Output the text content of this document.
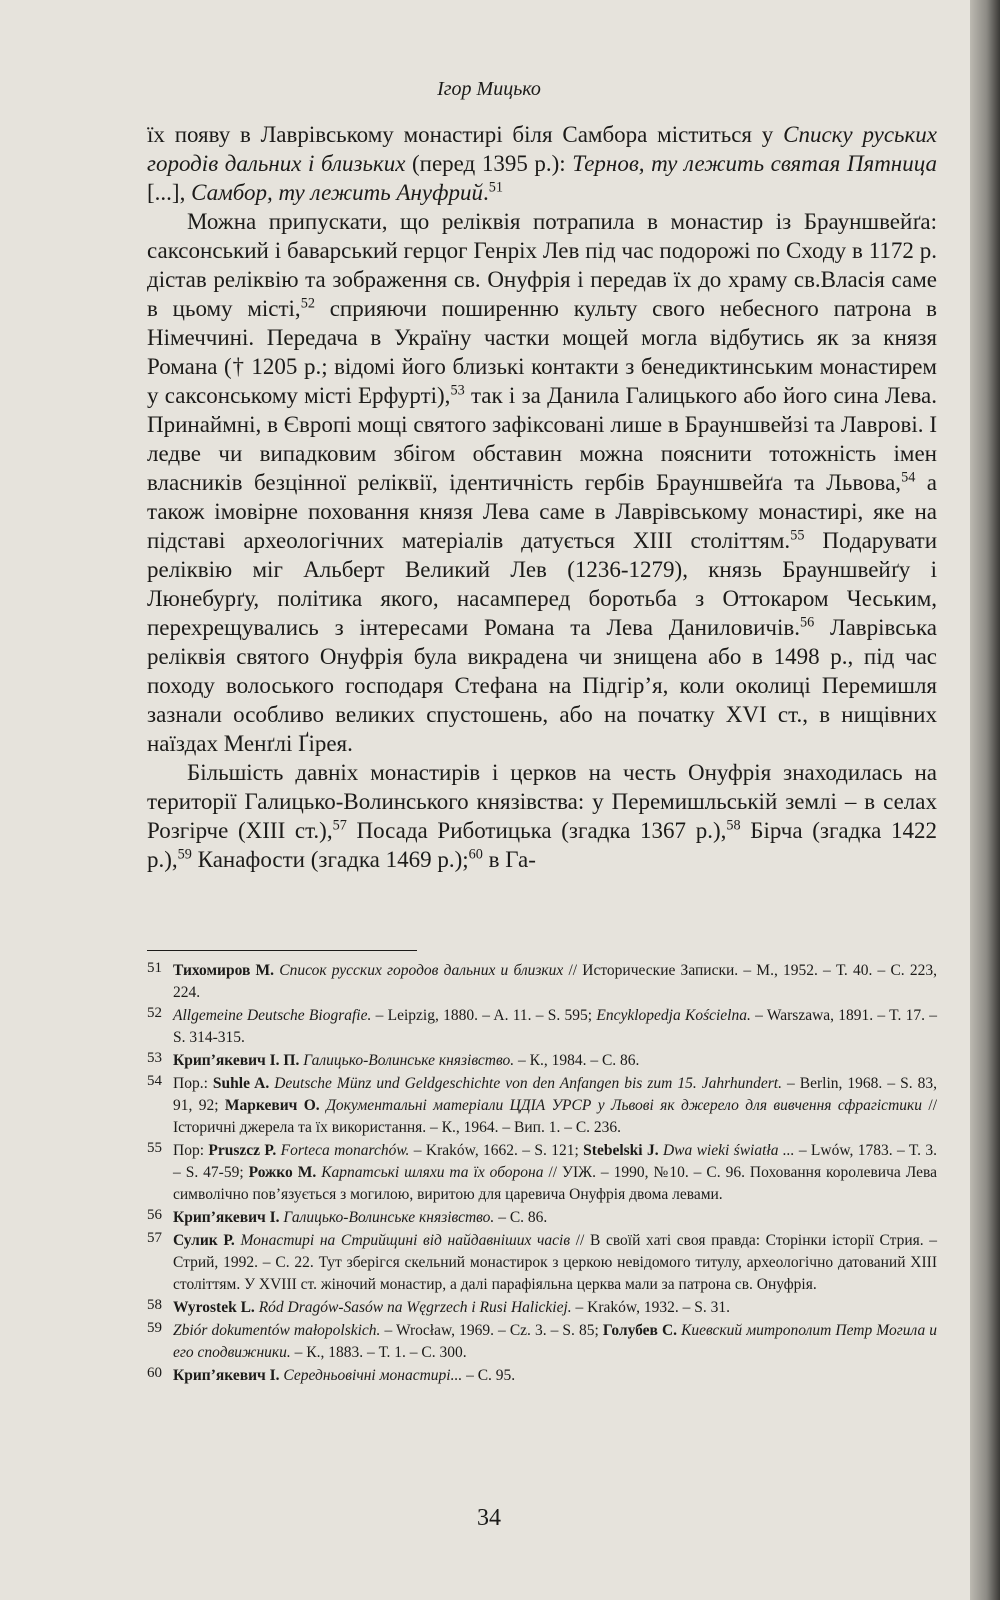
Ігор Мицько

їх появу в Лаврівському монастирі біля Самбора міститься у Списку руських городів дальних і близьких (перед 1395 р.): Тернов, ту лежить святая Пятница [...], Самбор, ту лежить Ануфрий.$^{51}$

Можна припускати, що реліквія потрапила в монастир із Брауншвейґа: саксонський і баварський герцог Генріх Лев під час подорожі по Сходу в 1172 р. дістав реліквію та зображення св. Онуфрія і передав їх до храму св.Власія саме в цьому місті,$^{52}$ сприяючи поширенню культу свого небесного патрона в Німеччині. Передача в Україну частки мощей могла відбутись як за князя Романа († 1205 р.; відомі його близькі контакти з бенедиктинським монастирем у саксонському місті Ерфурті),$^{53}$ так і за Данила Галицького або його сина Лева. Принаймні, в Європі мощі святого зафіксовані лише в Брауншвейзі та Лаврові. І ледве чи випадковим збігом обставин можна пояснити тотожність імен власників безцінної реліквії, ідентичність гербів Брауншвейґа та Львова,$^{54}$ а також імовірне поховання князя Лева саме в Лаврівському монастирі, яке на підставі археологічних матеріалів датується XIII століттям.$^{55}$ Подарувати реліквію міг Альберт Великий Лев (1236-1279), князь Брауншвейґу і Люнебурґу, політика якого, насамперед боротьба з Оттокаром Чеським, перехрещувались з інтересами Романа та Лева Даниловичів.$^{56}$ Лаврівська реліквія святого Онуфрія була викрадена чи знищена або в 1498 р., під час походу волоського господаря Стефана на Підгір’я, коли околиці Перемишля зазнали особливо великих спустошень, або на початку XVI ст., в нищівних наїздах Менґлі Ґірея.

Більшість давніх монастирів і церков на честь Онуфрія знаходилась на території Галицько-Волинського князівства: у Перемишльській землі – в селах Розгірче (XIII ст.),$^{57}$ Посада Риботицька (згадка 1367 р.),$^{58}$ Бірча (згадка 1422 р.),$^{59}$ Канафости (згадка 1469 р.);$^{60}$ в Га-

51 Тихомиров М. Список русских городов дальних и близких // Исторические Записки. – М., 1952. – Т. 40. – С. 223, 224.
52 Allgemeine Deutsche Biografie. – Leipzig, 1880. – A. 11. – S. 595; Encyklopedja Kościelna. – Warszawa, 1891. – T. 17. – S. 314-315.
53 Крип’якевич І. П. Галицько-Волинське князівство. – К., 1984. – С. 86.
54 Пор.: Suhle A. Deutsche Münz und Geldgeschichte von den Anfangen bis zum 15. Jahrhundert. – Berlin, 1968. – S. 83, 91, 92; Маркевич О. Документальні матеріали ЦДІА УРСР у Львові як джерело для вивчення сфрагістики // Історичні джерела та їх використання. – К., 1964. – Вип. 1. – С. 236.
55 Пор: Pruszcz P. Forteca monarchów. – Kraków, 1662. – S. 121; Stebelski J. Dwa wieki światła ... – Lwów, 1783. – T. 3. – S. 47-59; Рожко М. Карпатські шляхи та їх оборона // УІЖ. – 1990, №10. – С. 96. Поховання королевича Лева символічно пов’язується з могилою, виритою для царевича Онуфрія двома левами.
56 Крип’якевич І. Галицько-Волинське князівство. – С. 86.
57 Сулик Р. Монастирі на Стрийщині від найдавніших часів // В своїй хаті своя правда: Сторінки історії Стрия. – Стрий, 1992. – С. 22. Тут зберігся скельний монастирок з церкою невідомого титулу, археологічно датований XIII століттям. У XVIII ст. жіночий монастир, а далі парафіяльна церква мали за патрона св. Онуфрія.
58 Wyrostek L. Ród Dragów-Sasów na Węgrzech i Rusi Halickiej. – Kraków, 1932. – S. 31.
59 Zbiór dokumentów małopolskich. – Wrocław, 1969. – Cz. 3. – S. 85; Голубев С. Киевский митрополит Петр Могила и его сподвижники. – К., 1883. – Т. 1. – С. 300.
60 Крип’якевич І. Середньовічні монастирі... – С. 95.
34
